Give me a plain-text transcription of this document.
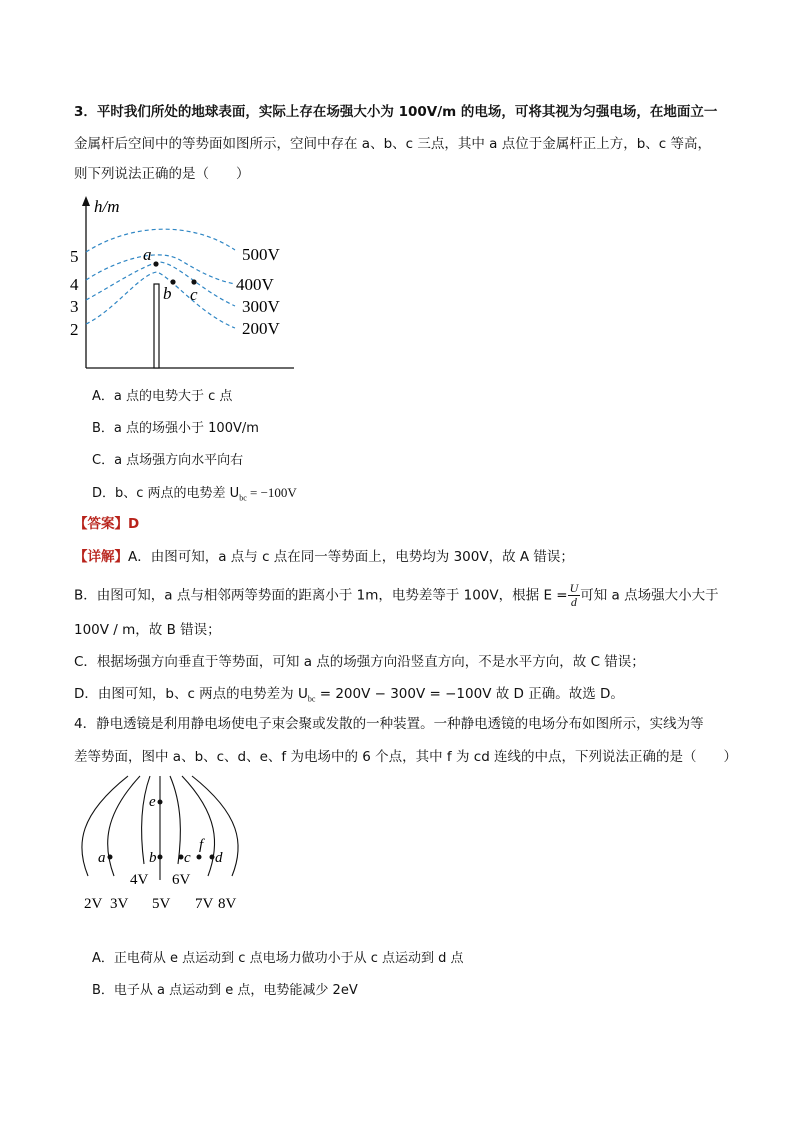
3．平时我们所处的地球表面，实际上存在场强大小为 100V/m 的电场，可将其视为匀强电场，在地面立一
金属杆后空间中的等势面如图所示，空间中存在 a、b、c 三点，其中 a 点位于金属杆正上方，b、c 等高，
则下列说法正确的是（　　）
h/m
5
4
3
2
500V
400V
300V
200V
a
b c
A．a 点的电势大于 c 点
B．a 点的场强小于 100V/m
C．a 点场强方向水平向右
D．b、c 两点的电势差 $U_{bc} = -100V$
【答案】D
【详解】A．由图可知，a 点与 c 点在同一等势面上，电势均为 300V，故 A 错误；
B．由图可知，a 点与相邻两等势面的距离小于 1m，电势差等于 100V，根据 $E = \frac{U}{d}$ 可知 a 点场强大小大于
100V / m，故 B 错误；
C．根据场强方向垂直于等势面，可知 a 点的场强方向沿竖直方向，不是水平方向，故 C 错误；
D．由图可知，b、c 两点的电势差为 $U_{bc} = 200V - 300V = -100V$ 故 D 正确。故选 D。
4．静电透镜是利用静电场使电子束会聚或发散的一种装置。一种静电透镜的电场分布如图所示，实线为等
差等势面，图中 a、b、c、d、e、f 为电场中的 6 个点，其中 f 为 cd 连线的中点，下列说法正确的是（　　）
e
a	b c
f
d
4V 6V
2V 3V 5V 7V 8V
A．正电荷从 e 点运动到 c 点电场力做功小于从 c 点运动到 d 点
B．电子从 a 点运动到 e 点，电势能减少 2eV
